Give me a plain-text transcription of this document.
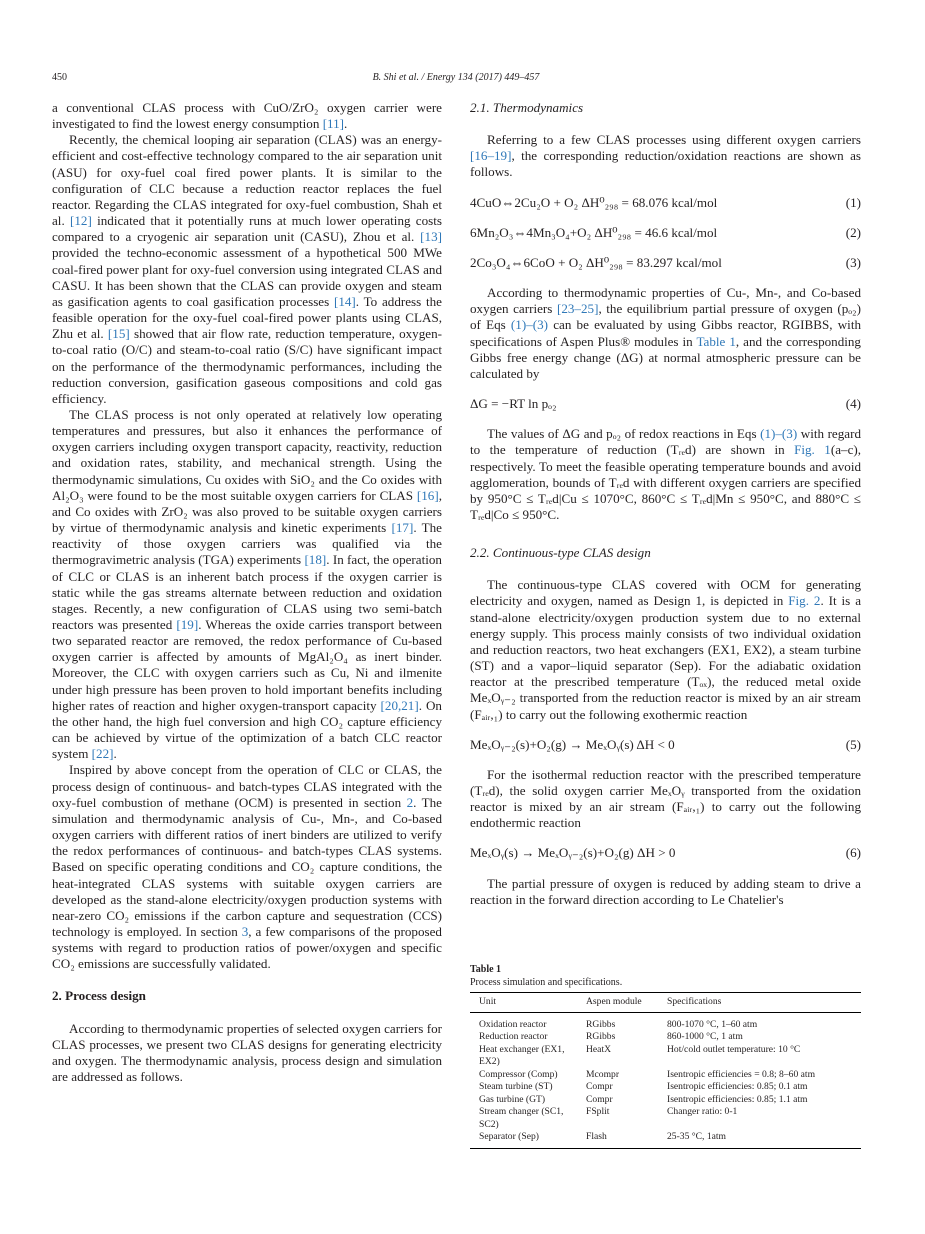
450	B. Shi et al. / Energy 134 (2017) 449–457

a conventional CLAS process with CuO/ZrO₂ oxygen carrier were investigated to find the lowest energy consumption [11].

Recently, the chemical looping air separation (CLAS) was an energy-efficient and cost-effective technology compared to the air separation unit (ASU) for oxy-fuel coal fired power plants. It is similar to the configuration of CLC because a reduction reactor replaces the fuel reactor. Regarding the CLAS integrated for oxy-fuel combustion, Shah et al. [12] indicated that it potentially runs at much lower operating costs compared to a cryogenic air separation unit (CASU), Zhou et al. [13] provided the techno-economic assessment of a hypothetical 500 MWe coal-fired power plant for oxy-fuel conversion using integrated CLAS and CASU. It has been shown that the CLAS can provide oxygen and steam as gasification agents to coal gasification processes [14]. To address the feasible operation for the oxy-fuel coal-fired power plants using CLAS, Zhu et al. [15] showed that air flow rate, reduction temperature, oxygen-to-coal ratio (O/C) and steam-to-coal ratio (S/C) have significant impact on the performance of the thermodynamic performances, including the reduction conversion, gasification gaseous compositions and cold gas efficiency.

The CLAS process is not only operated at relatively low operating temperatures and pressures, but also it enhances the performance of oxygen carriers including oxygen transport capacity, reactivity, reduction and oxidation rates, stability, and mechanical strength. Using the thermodynamic simulations, Cu oxides with SiO₂ and the Co oxides with Al₂O₃ were found to be the most suitable oxygen carriers for CLAS [16], and Co oxides with ZrO₂ was also proved to be suitable oxygen carriers by virtue of thermodynamic analysis and kinetic experiments [17]. The reactivity of those oxygen carriers was qualified via the thermogravimetric analysis (TGA) experiments [18]. In fact, the operation of CLC or CLAS is an inherent batch process if the oxygen carrier is static while the gas streams alternate between reduction and oxidation stages. Recently, a new configuration of CLAS using two semi-batch reactors was presented [19]. Whereas the oxide carries transport between two separated reactor are removed, the redox performance of Cu-based oxygen carrier is affected by amounts of MgAl₂O₄ as inert binder. Moreover, the CLC with oxygen carriers such as Cu, Ni and ilmenite under high pressure has been proven to hold important benefits including higher rates of reaction and higher oxygen-transport capacity [20,21]. On the other hand, the high fuel conversion and high CO₂ capture efficiency can be achieved by virtue of the optimization of a batch CLC reactor system [22].

Inspired by above concept from the operation of CLC or CLAS, the process design of continuous- and batch-types CLAS integrated with the oxy-fuel combustion of methane (OCM) is presented in section 2. The simulation and thermodynamic analysis of Cu-, Mn-, and Co-based oxygen carriers with different ratios of inert binders are utilized to verify the redox performances of continuous- and batch-types CLAS systems. Based on specific operating conditions and CO₂ capture conditions, the heat-integrated CLAS systems with suitable oxygen carriers are developed as the stand-alone electricity/oxygen production systems with near-zero CO₂ emissions if the carbon capture and sequestration (CCS) technology is employed. In section 3, a few comparisons of the proposed systems with regard to production ratios of power/oxygen and specific CO₂ emissions are successfully validated.

2. Process design

According to thermodynamic properties of selected oxygen carriers for CLAS processes, we present two CLAS designs for generating electricity and oxygen. The thermodynamic analysis, process design and simulation are addressed as follows.

2.1. Thermodynamics

Referring to a few CLAS processes using different oxygen carriers [16–19], the corresponding reduction/oxidation reactions are shown as follows.

4CuO⇔2Cu₂O + O₂ ΔH⁰₂₉₈ = 68.076 kcal/mol	(1)
6Mn₂O₃⇔4Mn₃O₄+O₂ ΔH⁰₂₉₈ = 46.6 kcal/mol	(2)
2Co₃O₄⇔6CoO + O₂ ΔH⁰₂₉₈ = 83.297 kcal/mol	(3)

According to thermodynamic properties of Cu-, Mn-, and Co-based oxygen carriers [23–25], the equilibrium partial pressure of oxygen (pₒ₂) of Eqs (1)–(3) can be evaluated by using Gibbs reactor, RGIBBS, with specifications of Aspen Plus® modules in Table 1, and the corresponding Gibbs free energy change (ΔG) at normal atmospheric pressure can be calculated by

ΔG = −RT ln pₒ₂	(4)

The values of ΔG and pₒ₂ of redox reactions in Eqs (1)–(3) with regard to the temperature of reduction (Tᵣₑd) are shown in Fig. 1(a–c), respectively. To meet the feasible operating temperature bounds and avoid agglomeration, bounds of Tᵣₑd with different oxygen carriers are specified by 950°C ≤ Tᵣₑd|Cu ≤ 1070°C, 860°C ≤ Tᵣₑd|Mn ≤ 950°C, and 880°C ≤ Tᵣₑd|Co ≤ 950°C.

2.2. Continuous-type CLAS design

The continuous-type CLAS covered with OCM for generating electricity and oxygen, named as Design 1, is depicted in Fig. 2. It is a stand-alone electricity/oxygen production system due to no external energy supply. This process mainly consists of two individual oxidation and reduction reactors, two heat exchangers (EX1, EX2), a steam turbine (ST) and a vapor–liquid separator (Sep). For the adiabatic oxidation reactor at the prescribed temperature (Tₒₓ), the reduced metal oxide MeₓOᵧ₋₂ transported from the reduction reactor is mixed by an air stream (Fₐᵢᵣ,₁) to carry out the following exothermic reaction

MeₓOᵧ₋₂(s)+O₂(g) → MeₓOᵧ(s) ΔH < 0	(5)

For the isothermal reduction reactor with the prescribed temperature (Tᵣₑd), the solid oxygen carrier MeₓOᵧ transported from the oxidation reactor is mixed by an air stream (Fₐᵢᵣ,₁) to carry out the following endothermic reaction

MeₓOᵧ(s) → MeₓOᵧ₋₂(s)+O₂(g) ΔH > 0	(6)

The partial pressure of oxygen is reduced by adding steam to drive a reaction in the forward direction according to Le Chatelier's

Table 1
Process simulation and specifications.
Unit	Aspen module	Specifications
Oxidation reactor	RGibbs	800-1070 °C, 1–60 atm
Reduction reactor	RGibbs	860-1000 °C, 1 atm
Heat exchanger (EX1, EX2)	HeatX	Hot/cold outlet temperature: 10 °C
Compressor (Comp)	Mcompr	Isentropic efficiencies = 0.8; 8–60 atm
Steam turbine (ST)	Compr	Isentropic efficiencies: 0.85; 0.1 atm
Gas turbine (GT)	Compr	Isentropic efficiencies: 0.85; 1.1 atm
Stream changer (SC1, SC2)	FSplit	Changer ratio: 0-1
Separator (Sep)	Flash	25-35 °C, 1atm
